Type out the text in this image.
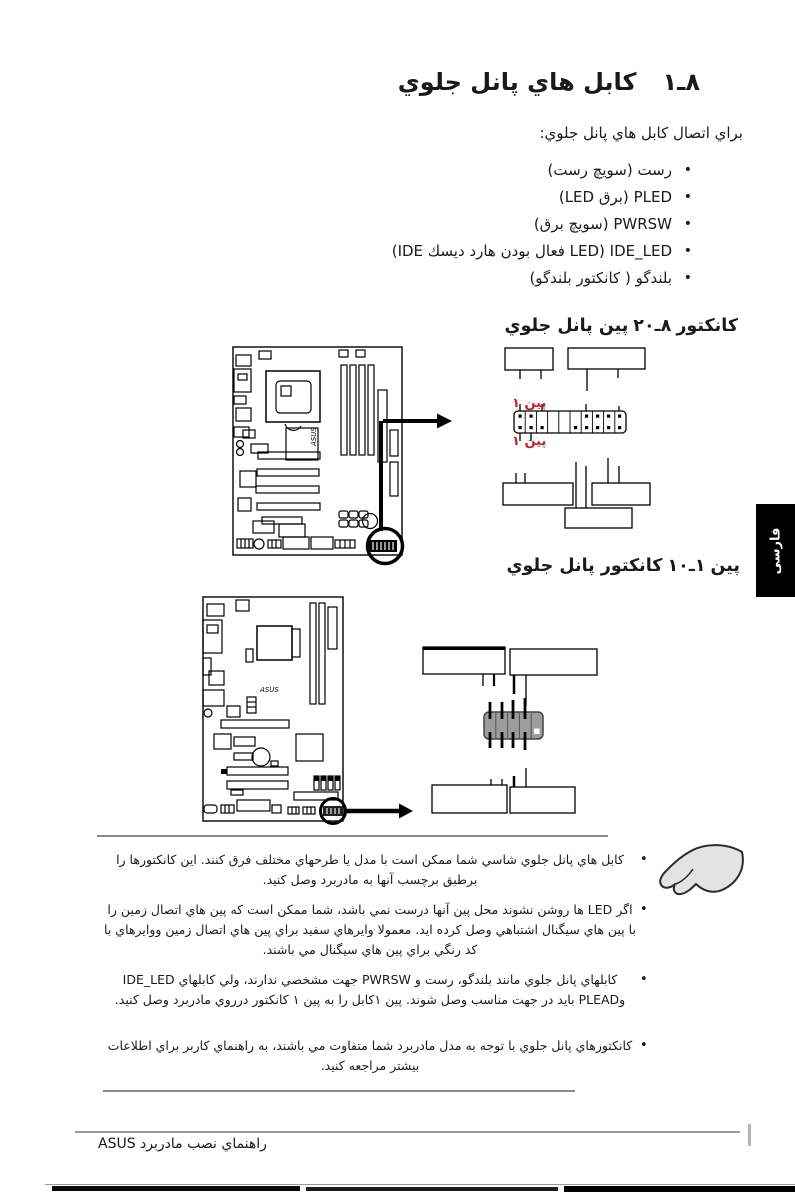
ASUS
پين ١
پين ١
ASUS
١ـ٨كابل هاي پانل جلوي
براي اتصال كابل هاي پانل جلوي:
•
رست (سويچ رست)
•
PLED (برق LED)
•
PWRSW (سويچ برق)
•
IDE_LED (‏LED فعال بودن هارد ديسك IDE)
•
بلندگو ( كانكتور بلندگو)
كانكتور٢٠ـ٨پين پانل جلوي
پين١٠ـ١كانكتور پانل جلوي
•
كابل هاي پانل جلوي شاسي شما ممكن است با مدل يا طرحهاي مختلف فرق كنند. اين كانكتورها را برطبق برچسب آنها به مادربرد وصل كنيد.
•
اگر LED ها روشن نشوند محل پين آنها درست نمي باشد، شما ممكن است كه پين هاي اتصال زمين را با پين هاي سيگنال اشتباهي وصل كرده ايد. معمولا وايرهاي سفيد براي پين هاي اتصال زمين ووايرهاي با كد رنگي براي پين هاي سيگنال مي باشند.
•
كابلهاي پانل جلوي مانند بلندگو، رست و PWRSW جهت مشخصي ندارند، ولي كابلهاي IDE_LED وPLEAD بايد در جهت مناسب وصل شوند. پين ١كابل را به پين ١ كانكتور درروي مادربرد وصل كنيد.
•
كانكتورهاي پانل جلوي با توجه به مدل مادربرد شما متفاوت مي باشند، به راهنماي كاربر براي اطلاعات بيشتر مراجعه كنيد.
فارسی
راهنماي نصب مادربرد ASUS
